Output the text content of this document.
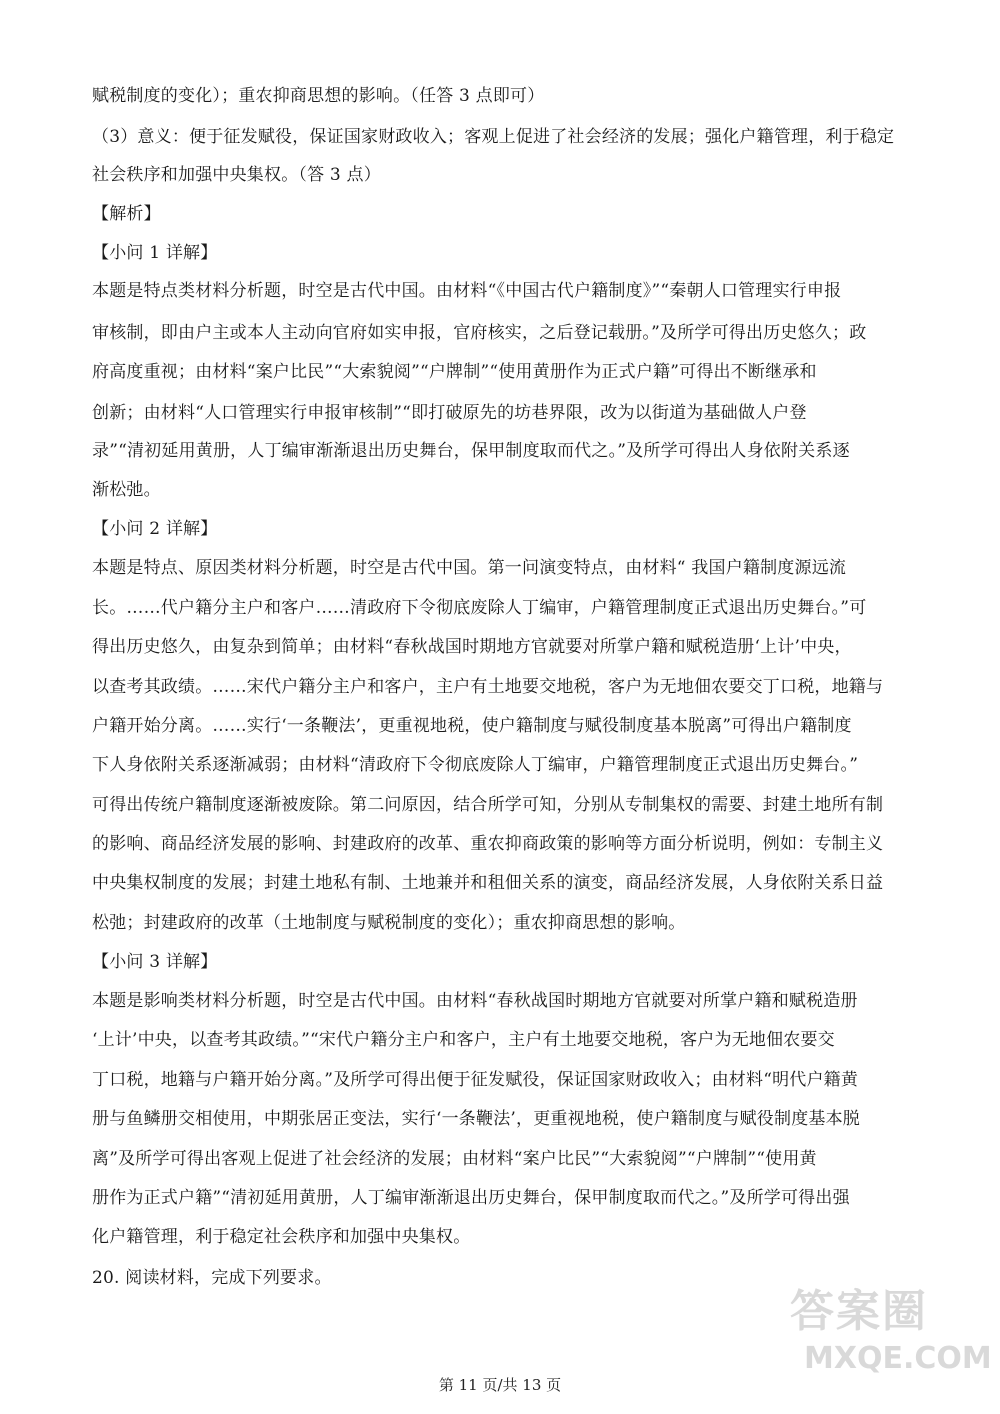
赋税制度的变化）；重农抑商思想的影响。（任答 3 点即可）
（3）意义：便于征发赋役，保证国家财政收入；客观上促进了社会经济的发展；强化户籍管理，利于稳定
社会秩序和加强中央集权。（答 3 点）
【解析】
【小问 1 详解】
本题是特点类材料分析题，时空是古代中国。由材料“《中国古代户籍制度》”“秦朝人口管理实行申报
审核制，即由户主或本人主动向官府如实申报，官府核实，之后登记载册。”及所学可得出历史悠久；政
府高度重视；由材料“案户比民”“大索貌阅”“户牌制”“使用黄册作为正式户籍”可得出不断继承和
创新；由材料“人口管理实行申报审核制”“即打破原先的坊巷界限，改为以街道为基础做人户登
录”“清初延用黄册，人丁编审渐渐退出历史舞台，保甲制度取而代之。”及所学可得出人身依附关系逐
渐松弛。
【小问 2 详解】
本题是特点、原因类材料分析题，时空是古代中国。第一问演变特点，由材料“ 我国户籍制度源远流
长。……代户籍分主户和客户……清政府下令彻底废除人丁编审，户籍管理制度正式退出历史舞台。”可
得出历史悠久，由复杂到简单；由材料“春秋战国时期地方官就要对所掌户籍和赋税造册‘上计’中央，
以查考其政绩。……宋代户籍分主户和客户，主户有土地要交地税，客户为无地佃农要交丁口税，地籍与
户籍开始分离。……实行‘一条鞭法’，更重视地税，使户籍制度与赋役制度基本脱离”可得出户籍制度
下人身依附关系逐渐减弱；由材料“清政府下令彻底废除人丁编审，户籍管理制度正式退出历史舞台。”
可得出传统户籍制度逐渐被废除。第二问原因，结合所学可知，分别从专制集权的需要、封建土地所有制
的影响、商品经济发展的影响、封建政府的改革、重农抑商政策的影响等方面分析说明，例如：专制主义
中央集权制度的发展；封建土地私有制、土地兼并和租佃关系的演变，商品经济发展，人身依附关系日益
松弛；封建政府的改革（土地制度与赋税制度的变化）；重农抑商思想的影响。
【小问 3 详解】
本题是影响类材料分析题，时空是古代中国。由材料“春秋战国时期地方官就要对所掌户籍和赋税造册
‘上计’中央，以查考其政绩。”“宋代户籍分主户和客户，主户有土地要交地税，客户为无地佃农要交
丁口税，地籍与户籍开始分离。”及所学可得出便于征发赋役，保证国家财政收入；由材料“明代户籍黄
册与鱼鳞册交相使用，中期张居正变法，实行‘一条鞭法’，更重视地税，使户籍制度与赋役制度基本脱
离”及所学可得出客观上促进了社会经济的发展；由材料“案户比民”“大索貌阅”“户牌制”“使用黄
册作为正式户籍”“清初延用黄册，人丁编审渐渐退出历史舞台，保甲制度取而代之。”及所学可得出强
化户籍管理，利于稳定社会秩序和加强中央集权。
20. 阅读材料，完成下列要求。
第 11 页/共 13 页
答案圈
MXQE.COM
